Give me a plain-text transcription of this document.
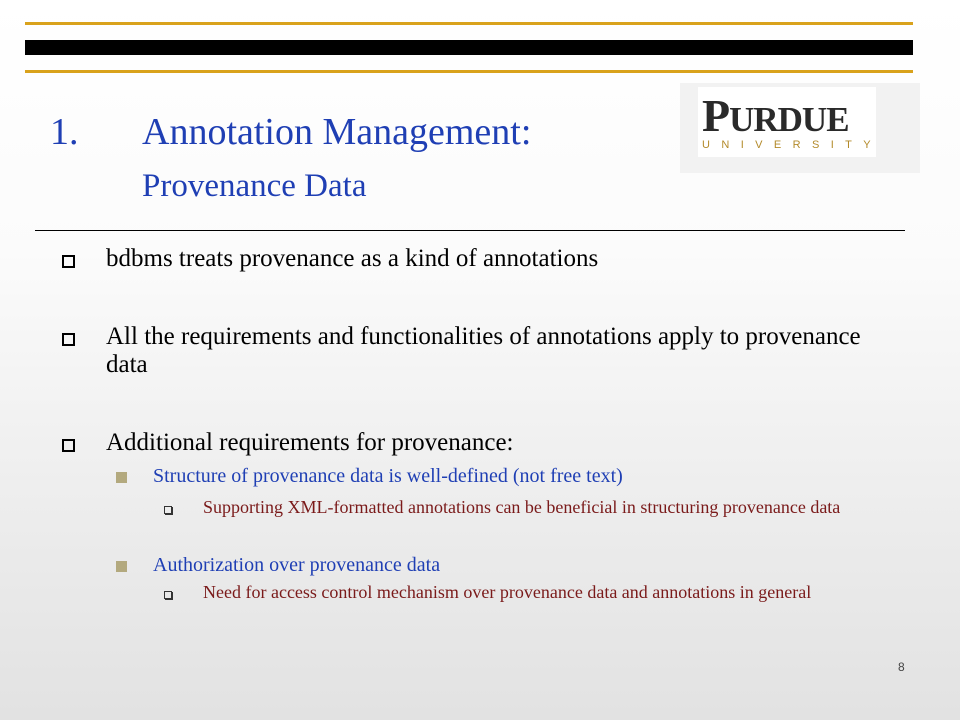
1. Annotation Management:
Provenance Data
PURDUE
UNIVERSITY
bdbms treats provenance as a kind of annotations
All the requirements and functionalities of annotations apply to provenance data
Additional requirements for provenance:
Structure of provenance data is well-defined (not free text)
Supporting XML-formatted annotations can be beneficial in structuring provenance data
Authorization over provenance data
Need for access control mechanism over provenance data and annotations in general
8
